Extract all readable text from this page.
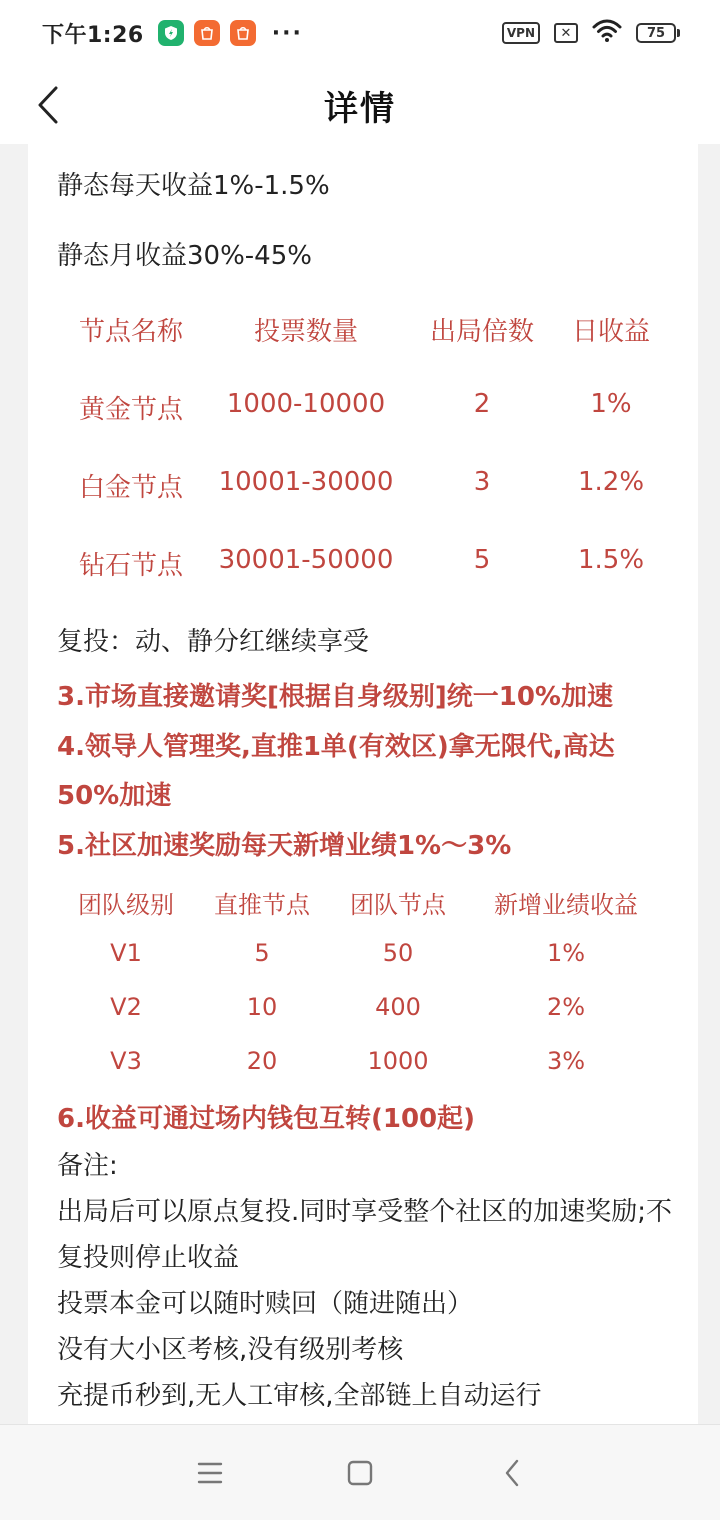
下午1:26	···	VPN	✕	75
详情
静态每天收益1%-1.5%
静态月收益30%-45%
节点名称	投票数量	出局倍数	日收益
黄金节点	1000-10000	2	1%
白金节点	10001-30000	3	1.2%
钻石节点	30001-50000	5	1.5%
复投：动、静分红继续享受
3.市场直接邀请奖[根据自身级别]统一10%加速
4.领导人管理奖,直推1单(有效区)拿无限代,高达
50%加速
5.社区加速奖励每天新增业绩1%～3%
团队级别	直推节点	团队节点	新增业绩收益
V1	5	50	1%
V2	10	400	2%
V3	20	1000	3%
6.收益可通过场内钱包互转(100起)
备注:
出局后可以原点复投.同时享受整个社区的加速奖励;不
复投则停止收益
投票本金可以随时赎回（随进随出）
没有大小区考核,没有级别考核
充提币秒到,无人工审核,全部链上自动运行
